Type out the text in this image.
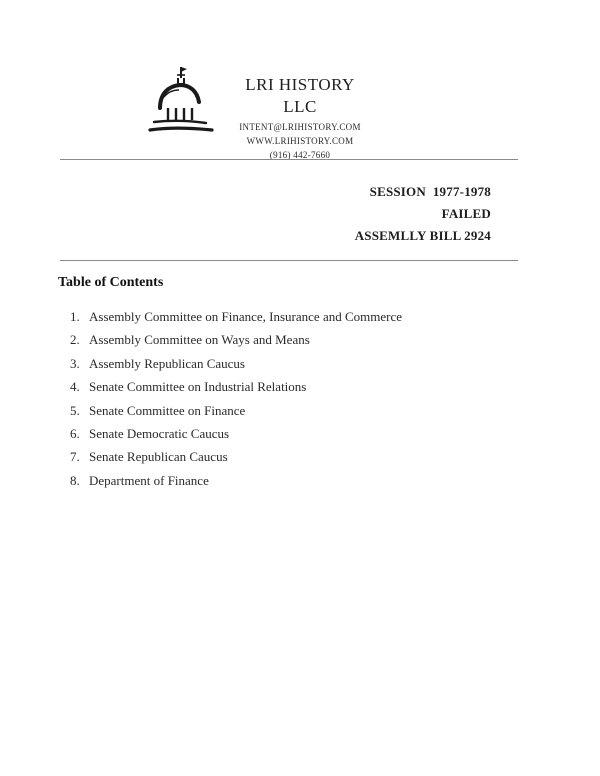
LRI HISTORY LLC
INTENT@LRIHISTORY.COM
WWW.LRIHISTORY.COM
(916) 442-7660
SESSION  1977-1978
FAILED
ASSEMLLY BILL 2924
Table of Contents
1. Assembly Committee on Finance, Insurance and Commerce
2. Assembly Committee on Ways and Means
3. Assembly Republican Caucus
4. Senate Committee on Industrial Relations
5. Senate Committee on Finance
6. Senate Democratic Caucus
7. Senate Republican Caucus
8. Department of Finance
